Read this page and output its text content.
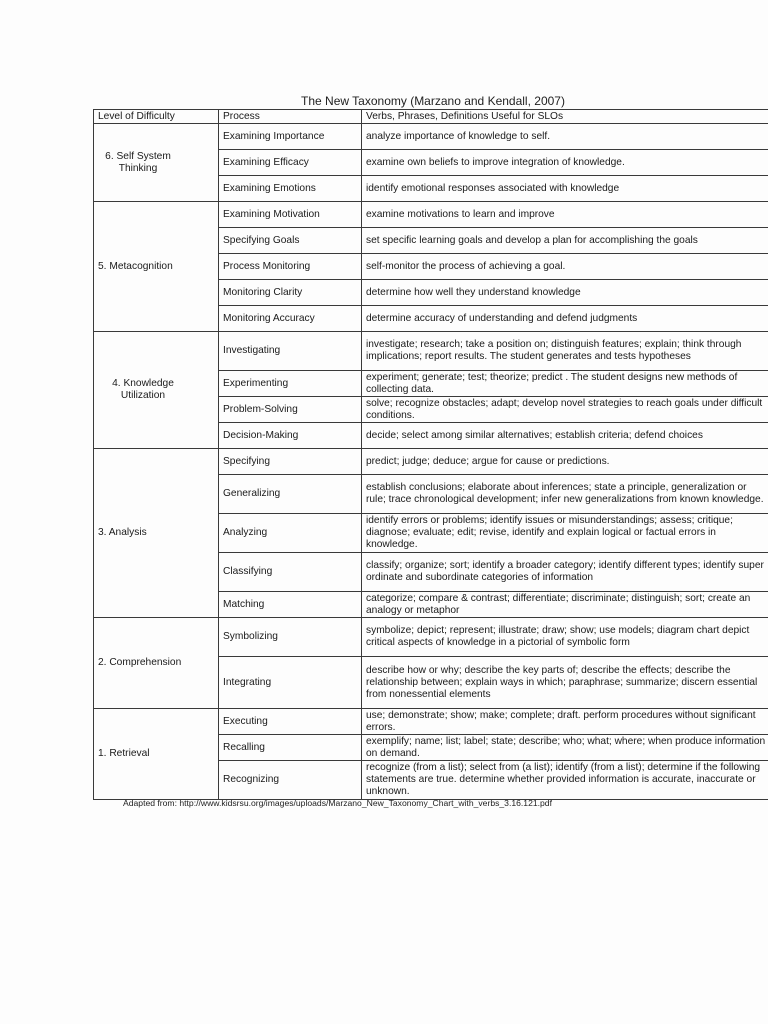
The New Taxonomy (Marzano and Kendall, 2007)
Level of Difficulty	Process	Verbs, Phrases, Definitions Useful for SLOs
6. Self System Thinking	Examining Importance	analyze importance of knowledge to self.
	Examining Efficacy	examine own beliefs to improve integration of knowledge.
	Examining Emotions	identify emotional responses associated with knowledge
5. Metacognition	Examining Motivation	examine motivations to learn and improve
	Specifying Goals	set specific learning goals and develop a plan for accomplishing the goals
	Process Monitoring	self-monitor the process of achieving a goal.
	Monitoring Clarity	determine how well they understand knowledge
	Monitoring Accuracy	determine accuracy of understanding and defend judgments
4. Knowledge Utilization	Investigating	investigate; research; take a position on; distinguish features; explain; think through implications; report results. The student generates and tests hypotheses
	Experimenting	experiment; generate; test; theorize; predict . The student designs new methods of collecting data.
	Problem-Solving	solve; recognize obstacles; adapt; develop novel strategies to reach goals under difficult conditions.
	Decision-Making	decide; select among similar alternatives; establish criteria; defend choices
3. Analysis	Specifying	predict; judge; deduce; argue for cause or predictions.
	Generalizing	establish conclusions; elaborate about inferences; state a principle, generalization or rule; trace chronological development; infer new generalizations from known knowledge.
	Analyzing	identify errors or problems; identify issues or misunderstandings; assess; critique; diagnose; evaluate; edit; revise, identify and explain logical or factual errors in knowledge.
	Classifying	classify; organize; sort; identify a broader category; identify different types; identify super ordinate and subordinate categories of information
	Matching	categorize; compare & contrast; differentiate; discriminate; distinguish; sort; create an analogy or metaphor
2. Comprehension	Symbolizing	symbolize; depict; represent; illustrate; draw; show; use models; diagram chart depict critical aspects of knowledge in a pictorial of symbolic form
	Integrating	describe how or why; describe the key parts of; describe the effects; describe the relationship between; explain ways in which; paraphrase; summarize; discern essential from nonessential elements
1. Retrieval	Executing	use; demonstrate; show; make; complete; draft. perform procedures without significant errors.
	Recalling	exemplify; name; list; label; state; describe; who; what; where; when produce information on demand.
	Recognizing	recognize (from a list); select from (a list); identify (from a list); determine if the following statements are true. determine whether provided information is accurate, inaccurate or unknown.
Adapted from: http://www.kidsrsu.org/images/uploads/Marzano_New_Taxonomy_Chart_with_verbs_3.16.121.pdf
